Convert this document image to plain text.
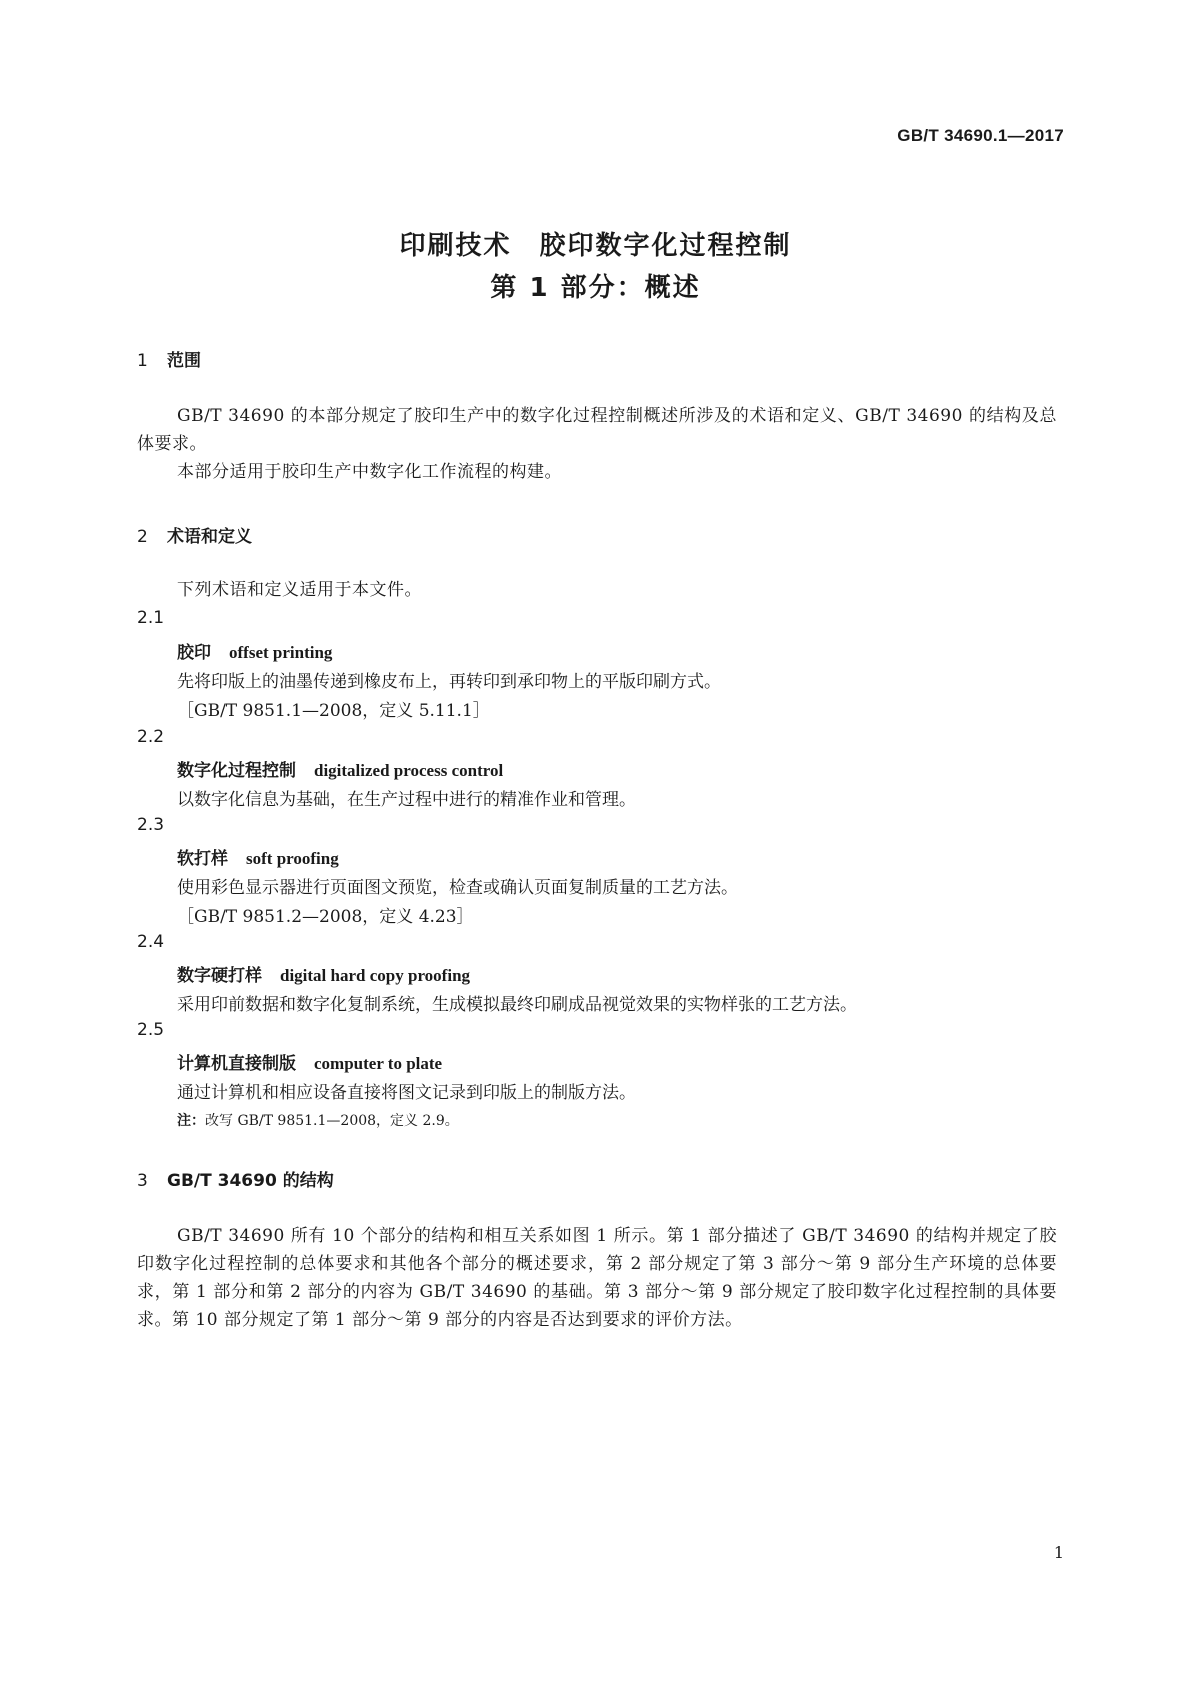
GB/T 34690.1—2017
印刷技术　胶印数字化过程控制
第 1 部分：概述
1 范围
GB/T 34690 的本部分规定了胶印生产中的数字化过程控制概述所涉及的术语和定义、GB/T 34690 的结构及总体要求。
本部分适用于胶印生产中数字化工作流程的构建。
2 术语和定义
下列术语和定义适用于本文件。
2.1
胶印 offset printing
先将印版上的油墨传递到橡皮布上，再转印到承印物上的平版印刷方式。
［GB/T 9851.1—2008，定义 5.11.1］
2.2
数字化过程控制 digitalized process control
以数字化信息为基础，在生产过程中进行的精准作业和管理。
2.3
软打样 soft proofing
使用彩色显示器进行页面图文预览，检查或确认页面复制质量的工艺方法。
［GB/T 9851.2—2008，定义 4.23］
2.4
数字硬打样 digital hard copy proofing
采用印前数据和数字化复制系统，生成模拟最终印刷成品视觉效果的实物样张的工艺方法。
2.5
计算机直接制版 computer to plate
通过计算机和相应设备直接将图文记录到印版上的制版方法。
注：改写 GB/T 9851.1—2008，定义 2.9。
3 GB/T 34690 的结构
GB/T 34690 所有 10 个部分的结构和相互关系如图 1 所示。第 1 部分描述了 GB/T 34690 的结构并规定了胶印数字化过程控制的总体要求和其他各个部分的概述要求，第 2 部分规定了第 3 部分～第 9 部分生产环境的总体要求，第 1 部分和第 2 部分的内容为 GB/T 34690 的基础。第 3 部分～第 9 部分规定了胶印数字化过程控制的具体要求。第 10 部分规定了第 1 部分～第 9 部分的内容是否达到要求的评价方法。
1
